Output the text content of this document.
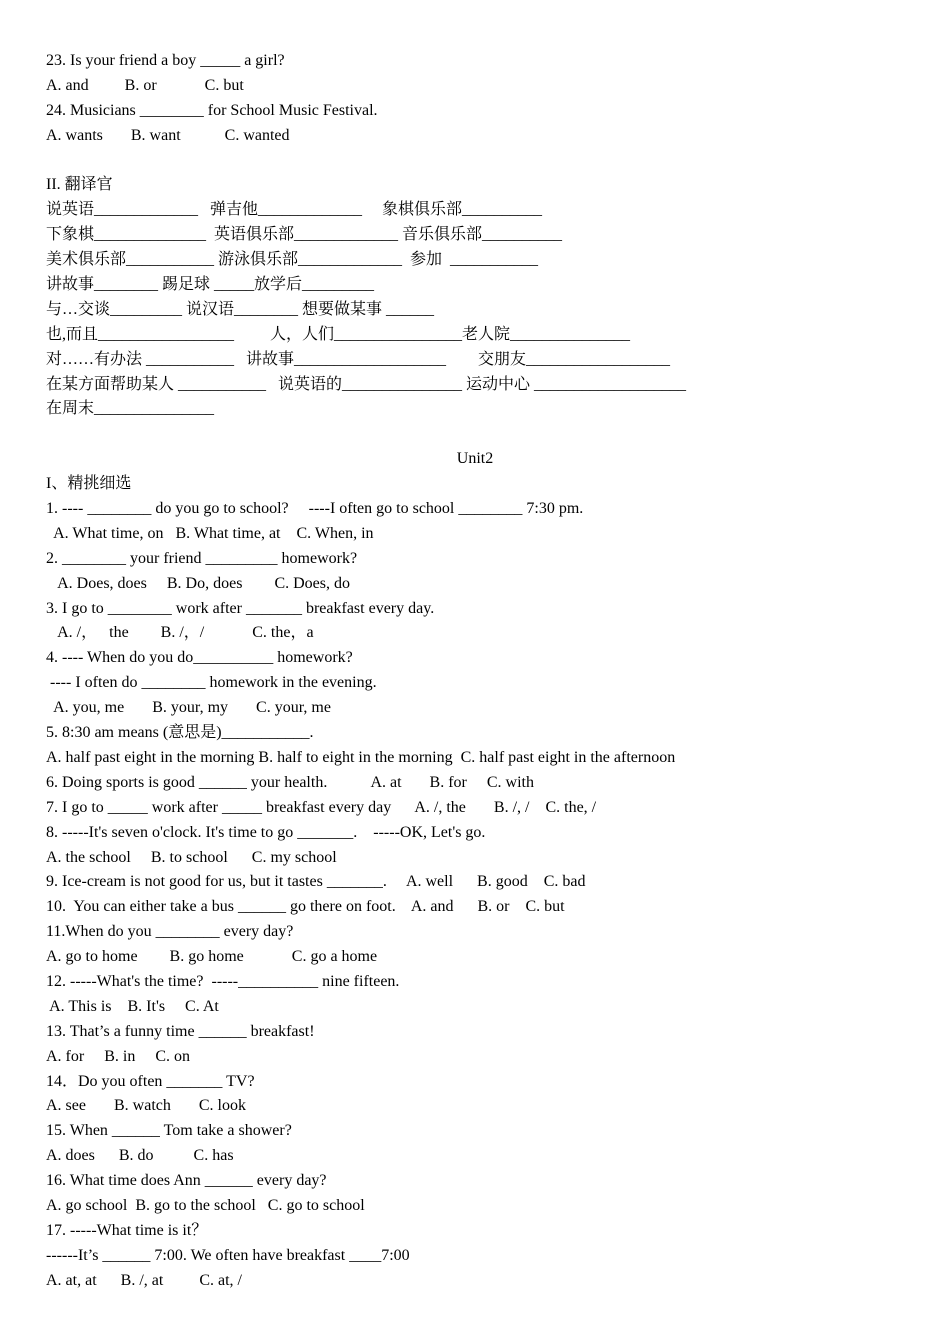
23. Is your friend a boy _____ a girl?
A. and         B. or            C. but
24. Musicians ________ for School Music Festival.
A. wants       B. want           C. wanted
II. 翻译官
说英语_____________   弹吉他_____________     象棋俱乐部__________
下象棋______________  英语俱乐部_____________ 音乐俱乐部__________
美术俱乐部___________ 游泳俱乐部_____________  参加  ___________
讲故事________ 踢足球 _____放学后_________
与…交谈_________ 说汉语________ 想要做某事 ______
也,而且_________________         人，人们________________老人院_______________
对……有办法 ___________   讲故事___________________        交朋友__________________
在某方面帮助某人 ___________   说英语的_______________ 运动中心 ___________________
在周末_______________
Unit2
I、精挑细选
1. ---- ________ do you go to school?     ----I often go to school ________ 7:30 pm.
A. What time, on   B. What time, at    C. When, in
2. ________ your friend _________ homework?
A. Does, does     B. Do, does        C. Does, do
3. I go to ________ work after _______ breakfast every day.
A. /，   the        B. /，/            C. the，a
4. ---- When do you do__________ homework?
---- I often do ________ homework in the evening.
A. you, me       B. your, my       C. your, me
5. 8:30 am means (意思是)___________.
A. half past eight in the morning B. half to eight in the morning  C. half past eight in the afternoon
6. Doing sports is good ______ your health.           A. at       B. for     C. with
7. I go to _____ work after _____ breakfast every day      A. /, the       B. /, /    C. the, /
8. -----It's seven o'clock. It's time to go _______.    -----OK, Let's go.
A. the school     B. to school      C. my school
9. Ice-cream is not good for us, but it tastes _______.     A. well      B. good    C. bad
10.  You can either take a bus ______ go there on foot.    A. and      B. or    C. but
11.When do you ________ every day?
A. go to home        B. go home            C. go a home
12. -----What's the time?  -----__________ nine fifteen.
A. This is    B. It's     C. At
13. That’s a funny time ______ breakfast!
A. for     B. in     C. on
14．Do you often _______ TV?
A. see       B. watch       C. look
15. When ______ Tom take a shower?
A. does      B. do          C. has
16. What time does Ann ______ every day?
A. go school  B. go to the school   C. go to school
17. -----What time is it？
------It’s ______ 7:00. We often have breakfast ____7:00
A. at, at      B. /, at         C. at, /
